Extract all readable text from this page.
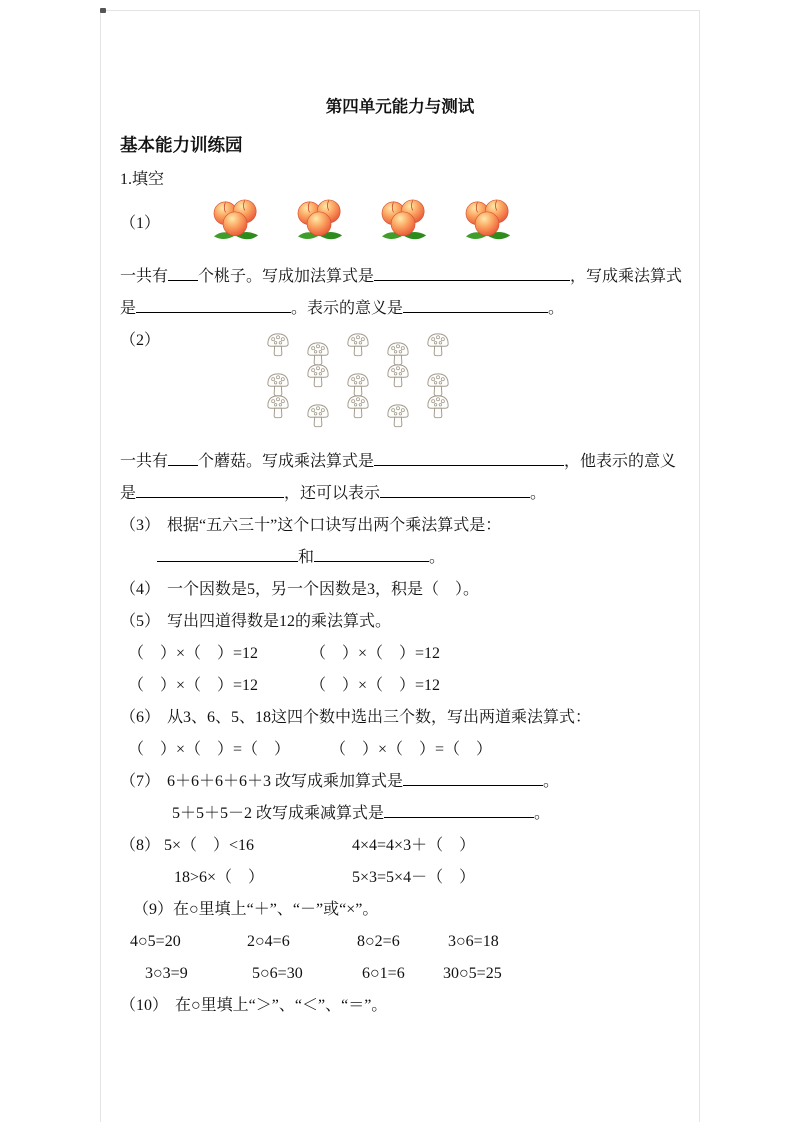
第四单元能力与测试
基本能力训练园
1.填空
（1）
一共有 个桃子。写成加法算式是	，写成乘法算式
是	。表示的意义是	。
（2）
一共有 个蘑菇。写成乘法算式是	，他表示的意义
是	，还可以表示	。
（3） 根据“五六三十”这个口诀写出两个乘法算式是：
和	。
（4） 一个因数是5，另一个因数是3，积是（　）。
（5） 写出四道得数是12的乘法算式。
（　）×（　）=12	（　）×（　）=12
（　）×（　）=12	（　）×（　）=12
（6） 从3、6、5、18这四个数中选出三个数，写出两道乘法算式：
（　）×（　）=（　）	（　）×（　）=（　）
（7） 6＋6＋6＋6＋3 改写成乘加算式是	。
5＋5＋5－2 改写成乘减算式是	。
（8） 5×（　）<16	4×4=4×3＋（　）
18>6×（　）	5×3=5×4－（　）
（9）在○里填上“＋”、“－”或“×”。
4○5=20	2○4=6	8○2=6	3○6=18
3○3=9	5○6=30	6○1=6	30○5=25
（10） 在○里填上“＞”、“＜”、“＝”。
